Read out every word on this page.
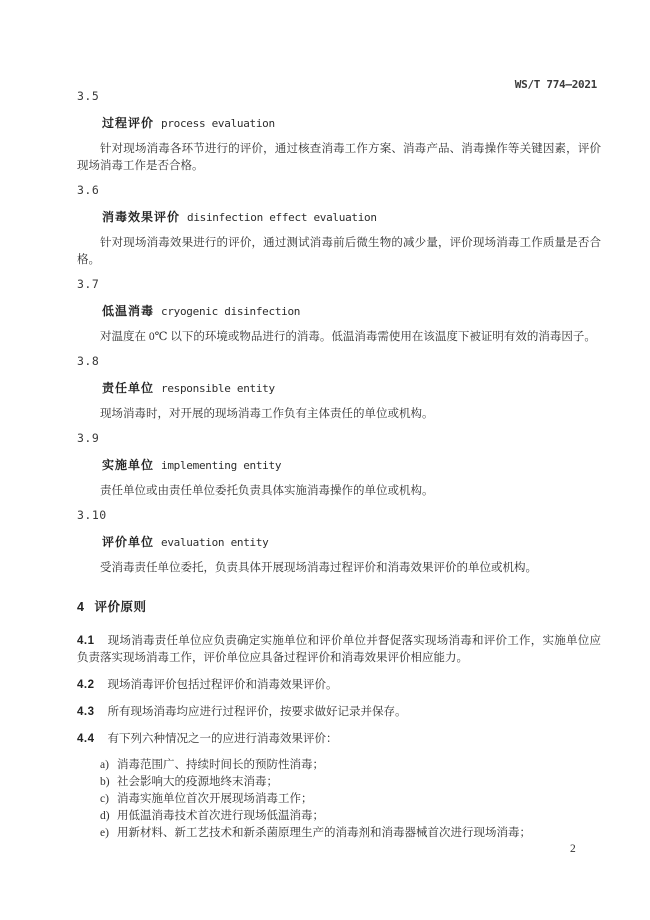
WS/T 774—2021

3.5

过程评价 process evaluation

针对现场消毒各环节进行的评价，通过核查消毒工作方案、消毒产品、消毒操作等关键因素，评价现场消毒工作是否合格。

3.6

消毒效果评价 disinfection effect evaluation

针对现场消毒效果进行的评价，通过测试消毒前后微生物的减少量，评价现场消毒工作质量是否合格。

3.7

低温消毒 cryogenic disinfection

对温度在 0℃ 以下的环境或物品进行的消毒。低温消毒需使用在该温度下被证明有效的消毒因子。

3.8

责任单位 responsible entity

现场消毒时，对开展的现场消毒工作负有主体责任的单位或机构。

3.9

实施单位 implementing entity

责任单位或由责任单位委托负责具体实施消毒操作的单位或机构。

3.10

评价单位 evaluation entity

受消毒责任单位委托，负责具体开展现场消毒过程评价和消毒效果评价的单位或机构。

4 评价原则

4.1 现场消毒责任单位应负责确定实施单位和评价单位并督促落实现场消毒和评价工作，实施单位应负责落实现场消毒工作，评价单位应具备过程评价和消毒效果评价相应能力。

4.2 现场消毒评价包括过程评价和消毒效果评价。

4.3 所有现场消毒均应进行过程评价，按要求做好记录并保存。

4.4 有下列六种情况之一的应进行消毒效果评价：

a) 消毒范围广、持续时间长的预防性消毒；
b) 社会影响大的疫源地终末消毒；
c) 消毒实施单位首次开展现场消毒工作；
d) 用低温消毒技术首次进行现场低温消毒；
e) 用新材料、新工艺技术和新杀菌原理生产的消毒剂和消毒器械首次进行现场消毒；
2
